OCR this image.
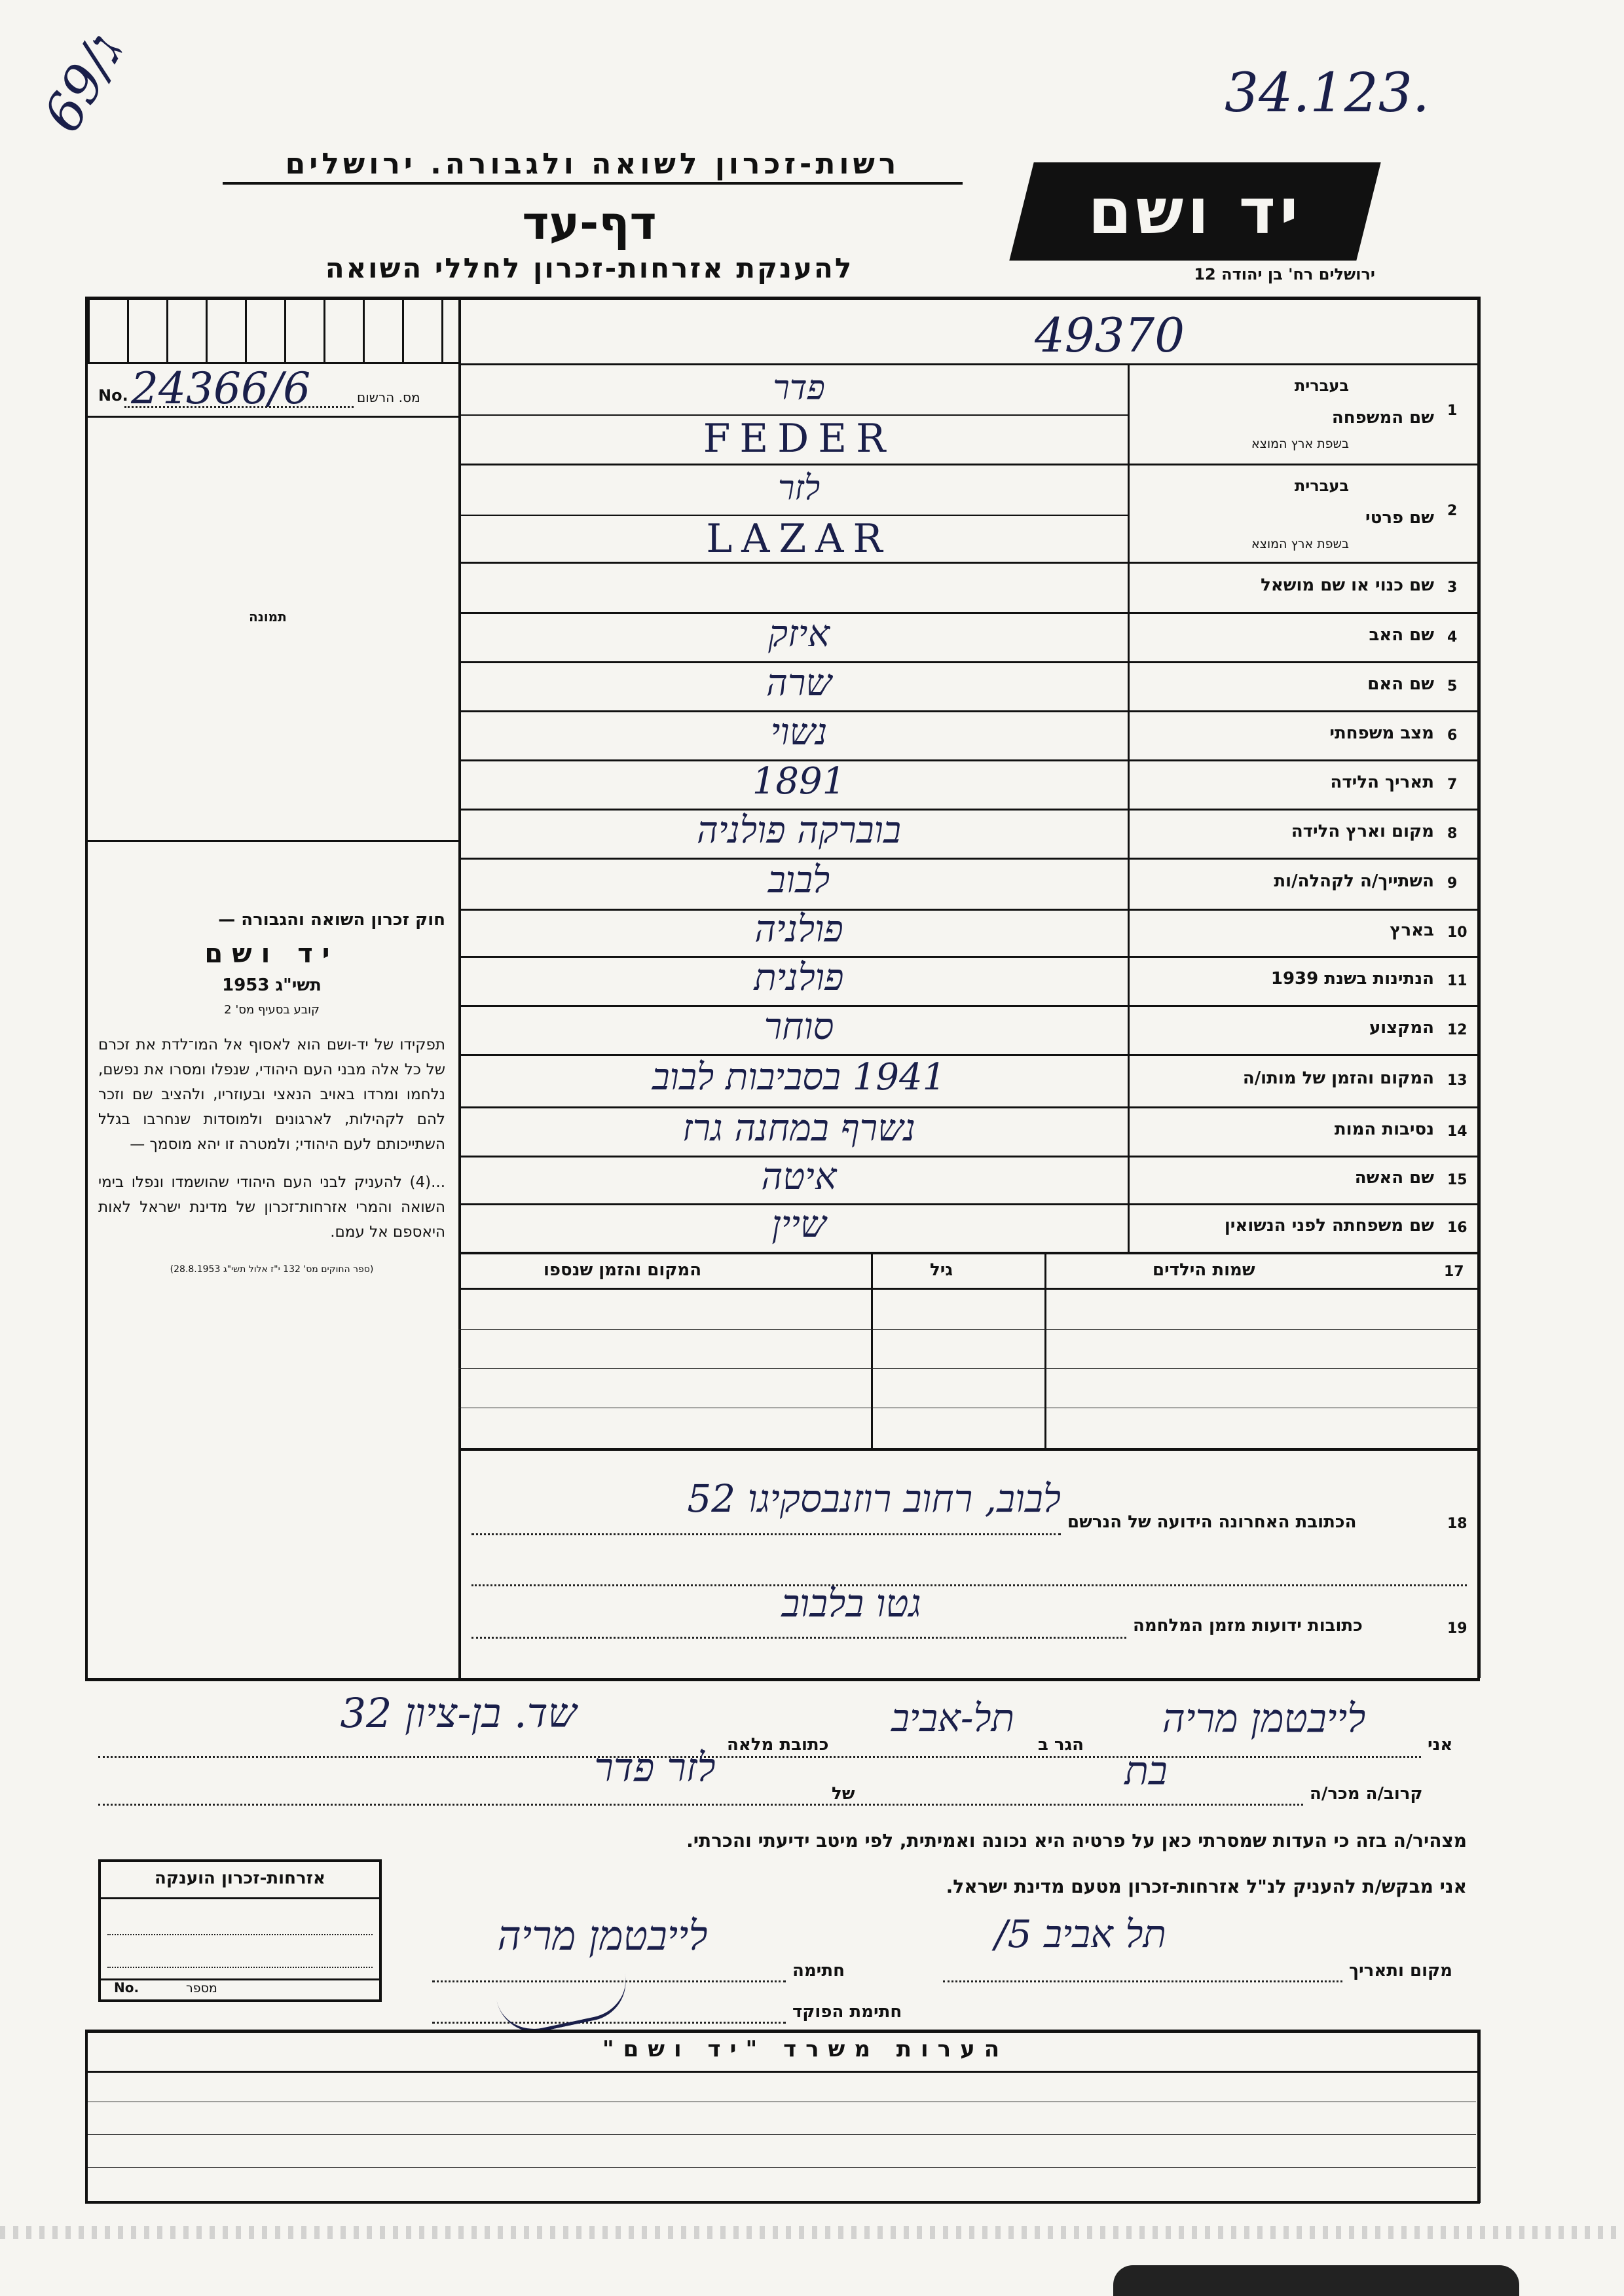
69/ג
34.123.
רשות-זכרון לשואה ולגבורה. ירושלים
דף-עד
להענקת אזרחות-זכרון לחללי השואה
יד ושם
ירושלים רח' בן יהודה 12
49370
No. 24366/6	מס. הרשום
תמונה

חוק זכרון השואה והגבורה —

יד ושם

תשי"ג 1953

קובע בסעיף מס' 2

תפקידו של יד-ושם הוא לאסוף אל המו־לדת את זכרם של כל אלה מבני העם היהודי, שנפלו ומסרו את נפשם, נלחמו ומרדו באויב הנאצי ובעוזריו, ולהציב שם וזכר להם לקהילות, לארגונים ולמוסדות שנחרבו בגלל השתייכותם לעם היהודי; ולמטרה זו יהא מוסמך —

...(4) להעניק לבני העם היהודי שהושמדו ונפלו בימי השואה והמרי אזרחות־זכרון של מדינת ישראל לאות היאספם אל עמם.

(ספר החוקים מס' 132 י"ז אלול תשי"ג 28.8.1953)

1
שם המשפחה
בעברית
בשפת ארץ המוצא
פדר
FEDER
2
שם פרטי
בעברית
בשפת ארץ המוצא
לזר
LAZAR
3
שם כנוי או שם מושאל
4
שם האב
איזק
5
שם האם
שרה
6
מצב משפחתי
נשוי
7
תאריך הלידה
1891
8
מקום וארץ הלידה
בוברקה פולניה
9
השתייך/ה לקהלה/ות
לבוב
10
בארץ
פולניה
11
הנתינות בשנת 1939
פולנית
12
המקצוע
סוחר
13
המקום והזמן של מותו/ה
1941 בסביבות לבוב
14
נסיבות המות
נשרף במחנה גרז
15
שם האשה
איטה
16
שם משפחתה לפני הנשואין
שיין
17
שמות הילדים
גיל
המקום והזמן שנספו
18
הכתובת האחרונה הידועה של הנרשם
לבוב, רחוב רוזנבסקיגו 52
19
כתובות ידועות מזמן המלחמה
גטו בלבוב
אני
לייבטמן מריה
הגר ב
תל-אביב
כתובת מלאה
שד. בן-ציון 32
קרוב/ה מכר/ה
בת
של
לזר פדר
מצהיר/ה בזה כי העדות שמסרתי כאן על פרטיה היא נכונה ואמיתית, לפי מיטב ידיעתי והכרתי.
אני מבקש/ת להעניק לנ"ל אזרחות-זכרון מטעם מדינת ישראל.
מקום ותאריך
תל אביב 5/
חתימה
לייבטמן מריה
חתימת הפוקד
אזרחות-זכרון הוענקה
No.	מספר
הערות משרד "יד ושם"
